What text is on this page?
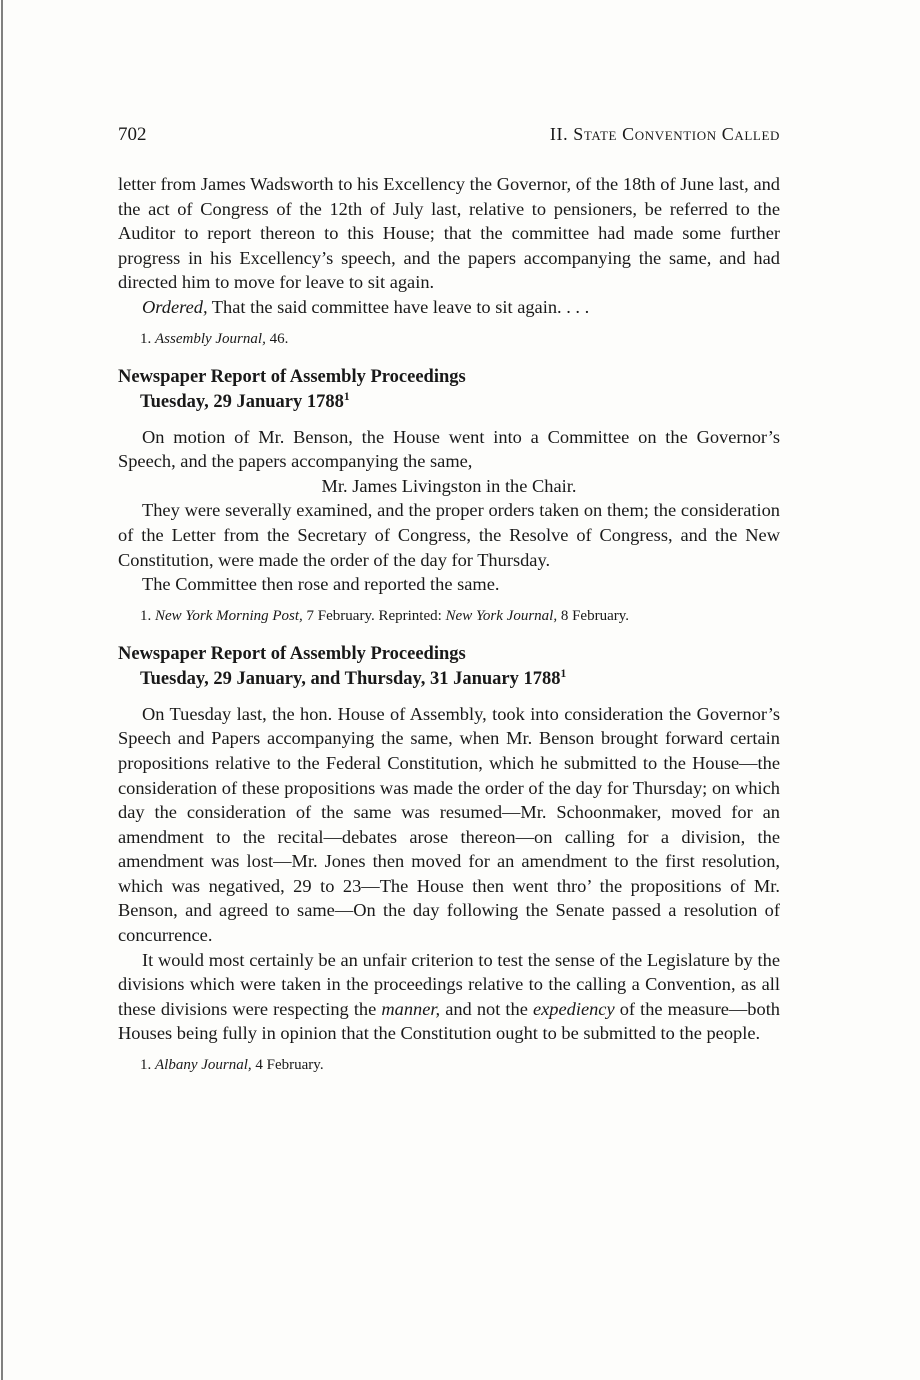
702	II. State Convention Called

letter from James Wadsworth to his Excellency the Governor, of the 18th of June last, and the act of Congress of the 12th of July last, relative to pensioners, be referred to the Auditor to report thereon to this House; that the committee had made some further progress in his Excellency’s speech, and the papers accompanying the same, and had directed him to move for leave to sit again.

Ordered, That the said committee have leave to sit again. . . .

1. Assembly Journal, 46.

Newspaper Report of Assembly Proceedings
Tuesday, 29 January 1788$^1$

On motion of Mr. Benson, the House went into a Committee on the Governor’s Speech, and the papers accompanying the same,

Mr. James Livingston in the Chair.

They were severally examined, and the proper orders taken on them; the consideration of the Letter from the Secretary of Congress, the Resolve of Congress, and the New Constitution, were made the order of the day for Thursday.

The Committee then rose and reported the same.

1. New York Morning Post, 7 February. Reprinted: New York Journal, 8 February.

Newspaper Report of Assembly Proceedings
Tuesday, 29 January, and Thursday, 31 January 1788$^1$

On Tuesday last, the hon. House of Assembly, took into consideration the Governor’s Speech and Papers accompanying the same, when Mr. Benson brought forward certain propositions relative to the Federal Constitution, which he submitted to the House—the consideration of these propositions was made the order of the day for Thursday; on which day the consideration of the same was resumed—Mr. Schoonmaker, moved for an amendment to the recital—debates arose thereon—on calling for a division, the amendment was lost—Mr. Jones then moved for an amendment to the first resolution, which was negatived, 29 to 23—The House then went thro’ the propositions of Mr. Benson, and agreed to same—On the day following the Senate passed a resolution of concurrence.

It would most certainly be an unfair criterion to test the sense of the Legislature by the divisions which were taken in the proceedings relative to the calling a Convention, as all these divisions were respecting the manner, and not the expediency of the measure—both Houses being fully in opinion that the Constitution ought to be submitted to the people.

1. Albany Journal, 4 February.
